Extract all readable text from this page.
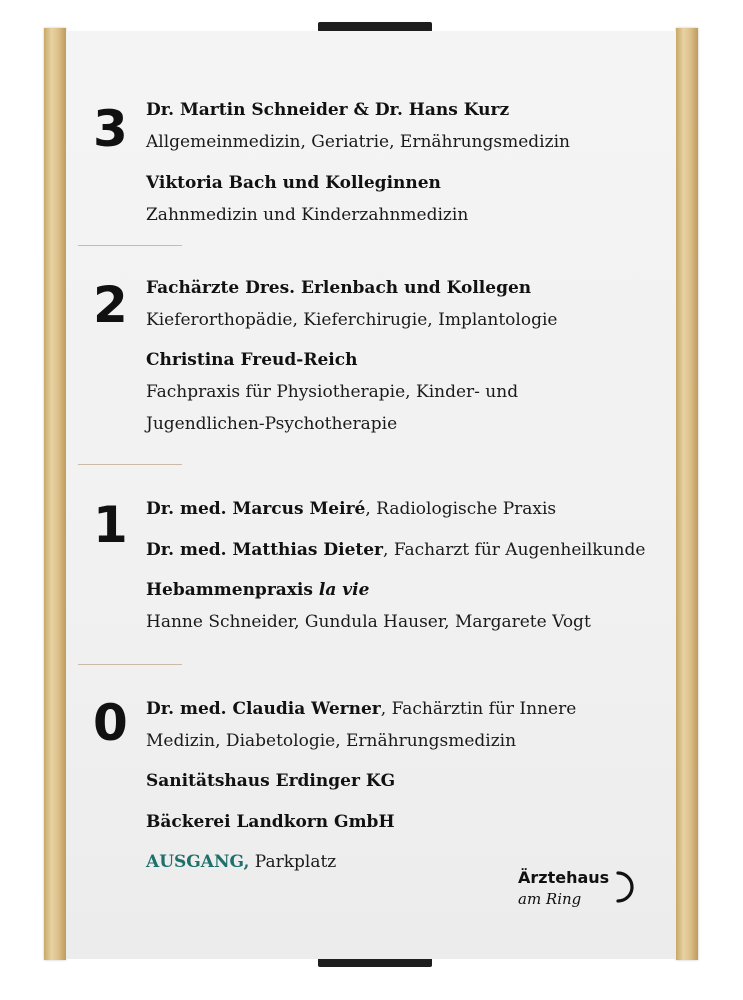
3 Dr. Martin Schneider & Dr. Hans Kurz
Allgemeinmedizin, Geriatrie, Ernährungsmedizin
Viktoria Bach und Kolleginnen
Zahnmedizin und Kinderzahnmedizin
2 Fachärzte Dres. Erlenbach und Kollegen
Kieferorthopädie, Kieferchirugie, Implantologie
Christina Freud-Reich
Fachpraxis für Physiotherapie, Kinder- und
Jugendlichen-Psychotherapie
1 Dr. med. Marcus Meiré, Radiologische Praxis
Dr. med. Matthias Dieter, Facharzt für Augenheilkunde
Hebammenpraxis la vie
Hanne Schneider, Gundula Hauser, Margarete Vogt
0 Dr. med. Claudia Werner, Fachärztin für Innere
Medizin, Diabetologie, Ernährungsmedizin
Sanitätshaus Erdinger KG
Bäckerei Landkorn GmbH
AUSGANG, Parkplatz
Ärztehaus
am Ring
